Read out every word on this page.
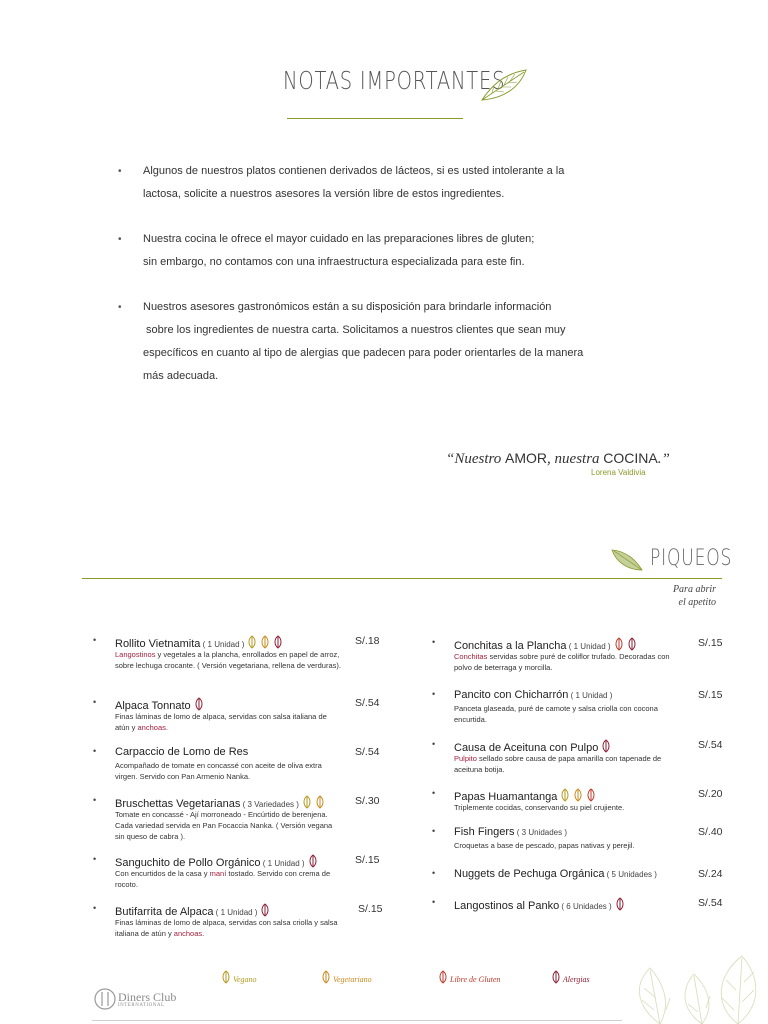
NOTAS IMPORTANTES
• Algunos de nuestros platos contienen derivados de lácteos, si es usted intolerante a la
lactosa, solicite a nuestros asesores la versión libre de estos ingredientes.
• Nuestra cocina le ofrece el mayor cuidado en las preparaciones libres de gluten;
sin embargo, no contamos con una infraestructura especializada para este fin.
• Nuestros asesores gastronómicos están a su disposición para brindarle información
sobre los ingredientes de nuestra carta. Solicitamos a nuestros clientes que sean muy
específicos en cuanto al tipo de alergias que padecen para poder orientarles de la manera
más adecuada.
“Nuestro AMOR, nuestra COCINA.”
Lorena Valdivia
PIQUEOS
Para abrir
el apetito
• Rollito Vietnamita ( 1 Unidad )
Langostinos y vegetales a la plancha, enrollados en papel de arroz, sobre lechuga crocante. ( Versión vegetariana, rellena de verduras).
S/.18
• Alpaca Tonnato
Finas láminas de lomo de alpaca, servidas con salsa italiana de atún y anchoas.
S/.54
• Carpaccio de Lomo de Res
Acompañado de tomate en concassé con aceite de oliva extra virgen. Servido con Pan Armenio Nanka.
S/.54
• Bruschettas Vegetarianas ( 3 Variedades )
Tomate en concassé - Ají morroneado - Encúrtido de berenjena. Cada variedad servida en Pan Focaccia Nanka. ( Versión vegana sin queso de cabra ).
S/.30
• Sanguchito de Pollo Orgánico ( 1 Unidad )
Con encurtidos de la casa y maní tostado. Servido con crema de rocoto.
S/.15
• Butifarrita de Alpaca ( 1 Unidad )
Finas láminas de lomo de alpaca, servidas con salsa criolla y salsa italiana de atún y anchoas.
S/.15
• Conchitas a la Plancha ( 1 Unidad )
Conchitas servidas sobre puré de coliflor trufado. Decoradas con polvo de beterraga y morcilla.
S/.15
• Pancito con Chicharrón ( 1 Unidad )
Panceta glaseada, puré de camote y salsa criolla con cocona encurtida.
S/.15
• Causa de Aceituna con Pulpo
Pulpito sellado sobre causa de papa amarilla con tapenade de aceituna botija.
S/.54
• Papas Huamantanga
Triplemente cocidas, conservando su piel crujiente.
S/.20
• Fish Fingers ( 3 Unidades )
Croquetas a base de pescado, papas nativas y perejil.
S/.40
• Nuggets de Pechuga Orgánica ( 5 Unidades )	S/.24
• Langostinos al Panko ( 6 Unidades )	S/.54
Vegano	Vegetariano	Libre de Gluten	Alergias
Diners Club
INTERNATIONAL
